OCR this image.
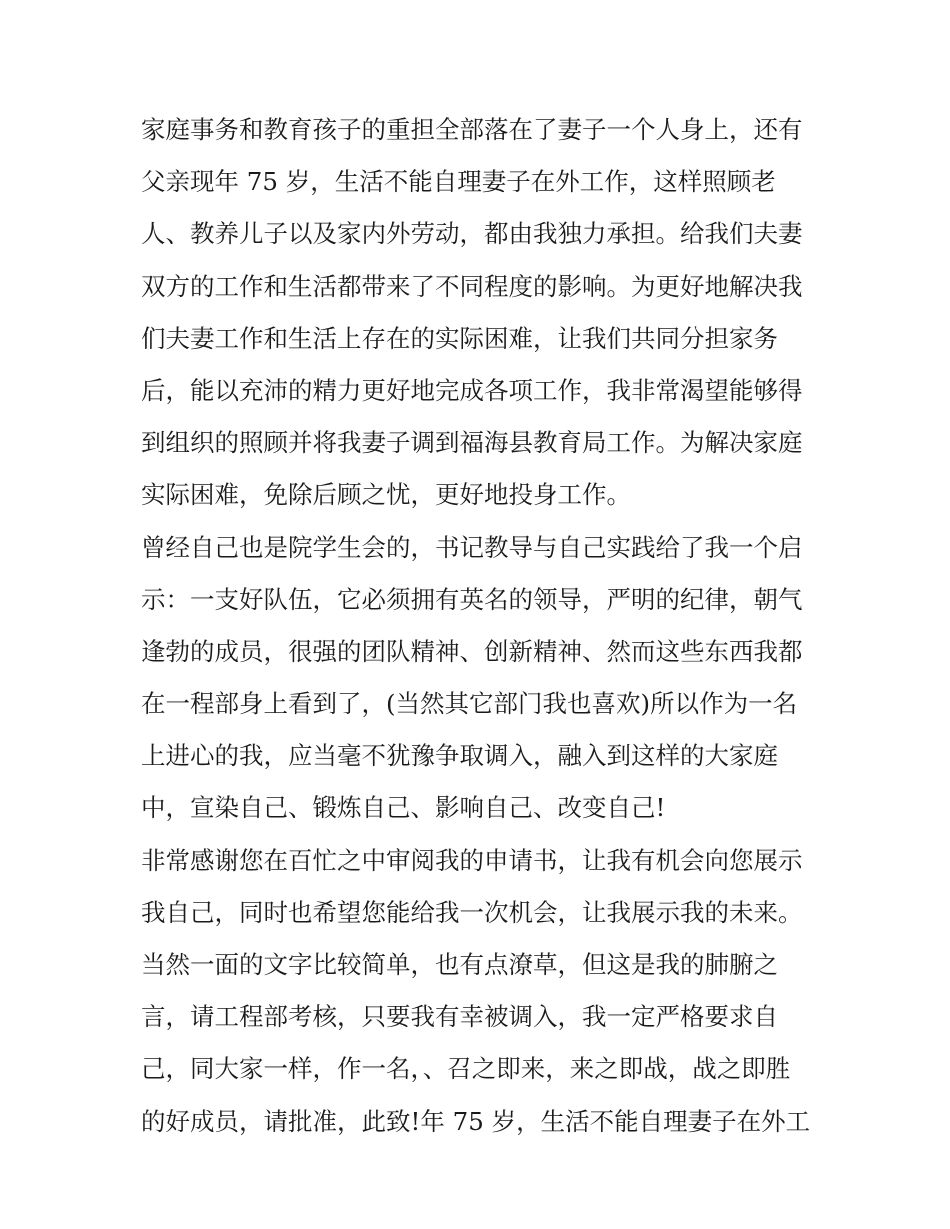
家庭事务和教育孩子的重担全部落在了妻子一个人身上，还有
父亲现年 75 岁，生活不能自理妻子在外工作，这样照顾老
人、教养儿子以及家内外劳动，都由我独力承担。给我们夫妻
双方的工作和生活都带来了不同程度的影响。为更好地解决我
们夫妻工作和生活上存在的实际困难，让我们共同分担家务
后，能以充沛的精力更好地完成各项工作，我非常渴望能够得
到组织的照顾并将我妻子调到福海县教育局工作。为解决家庭
实际困难，免除后顾之忧，更好地投身工作。
曾经自己也是院学生会的，书记教导与自己实践给了我一个启
示：一支好队伍，它必须拥有英名的领导，严明的纪律，朝气
逢勃的成员，很强的团队精神、创新精神、然而这些东西我都
在一程部身上看到了，(当然其它部门我也喜欢)所以作为一名
上进心的我，应当毫不犹豫争取调入，融入到这样的大家庭
中，宣染自己、锻炼自己、影响自己、改变自己!
非常感谢您在百忙之中审阅我的申请书，让我有机会向您展示
我自己，同时也希望您能给我一次机会，让我展示我的未来。
当然一面的文字比较简单，也有点潦草，但这是我的肺腑之
言，请工程部考核，只要我有幸被调入，我一定严格要求自
己，同大家一样，作一名，、召之即来，来之即战，战之即胜
的好成员，请批准，此致!年 75 岁，生活不能自理妻子在外工
